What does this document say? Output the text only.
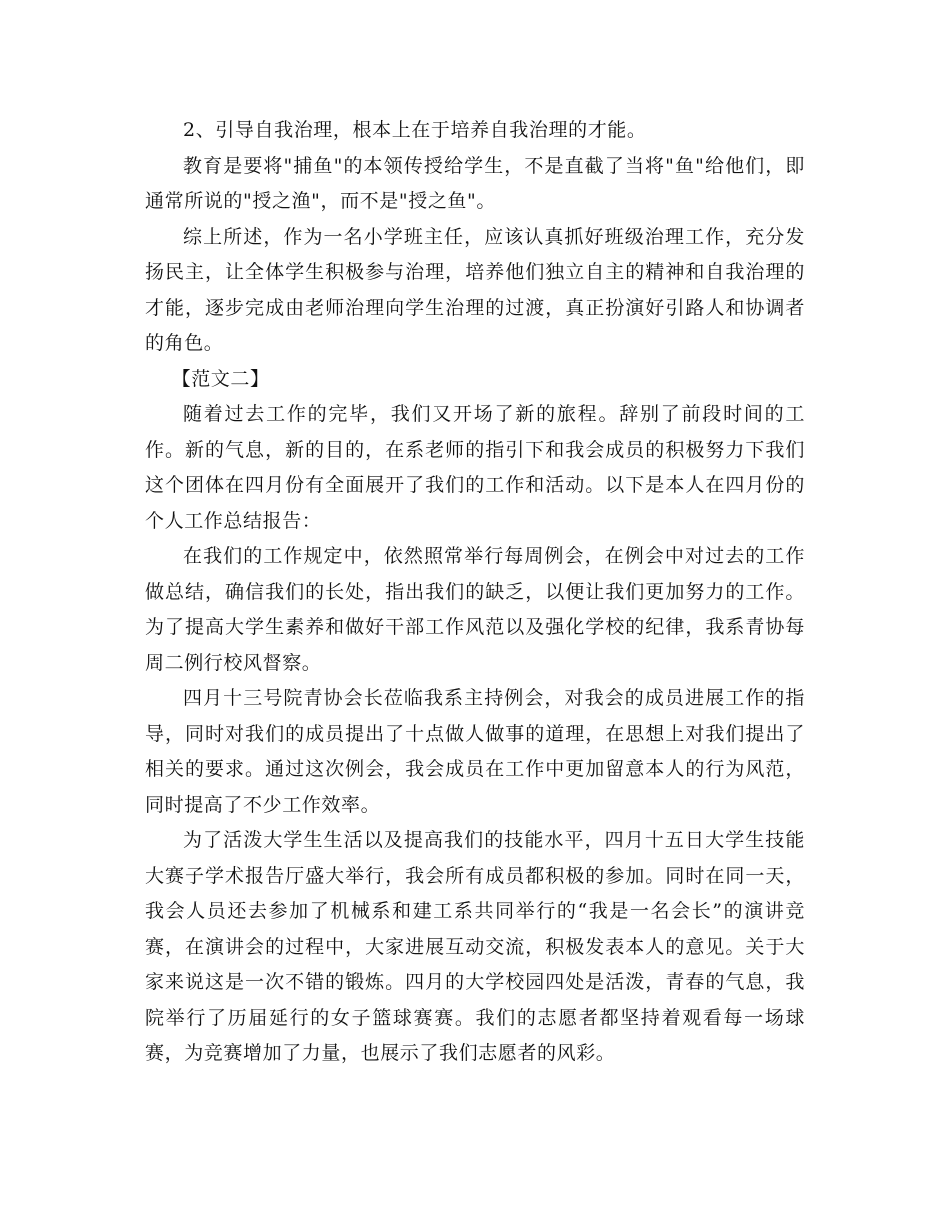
2、引导自我治理，根本上在于培养自我治理的才能。

教育是要将"捕鱼"的本领传授给学生，不是直截了当将"鱼"给他们，即通常所说的"授之渔"，而不是"授之鱼"。

综上所述，作为一名小学班主任，应该认真抓好班级治理工作，充分发扬民主，让全体学生积极参与治理，培养他们独立自主的精神和自我治理的才能，逐步完成由老师治理向学生治理的过渡，真正扮演好引路人和协调者的角色。

【范文二】

随着过去工作的完毕，我们又开场了新的旅程。辞别了前段时间的工作。新的气息，新的目的，在系老师的指引下和我会成员的积极努力下我们这个团体在四月份有全面展开了我们的工作和活动。以下是本人在四月份的个人工作总结报告：

在我们的工作规定中，依然照常举行每周例会，在例会中对过去的工作做总结，确信我们的长处，指出我们的缺乏，以便让我们更加努力的工作。为了提高大学生素养和做好干部工作风范以及强化学校的纪律，我系青协每周二例行校风督察。

四月十三号院青协会长莅临我系主持例会，对我会的成员进展工作的指导，同时对我们的成员提出了十点做人做事的道理，在思想上对我们提出了相关的要求。通过这次例会，我会成员在工作中更加留意本人的行为风范，同时提高了不少工作效率。

为了活泼大学生生活以及提高我们的技能水平，四月十五日大学生技能大赛子学术报告厅盛大举行，我会所有成员都积极的参加。同时在同一天，我会人员还去参加了机械系和建工系共同举行的“我是一名会长”的演讲竞赛，在演讲会的过程中，大家进展互动交流，积极发表本人的意见。关于大家来说这是一次不错的锻炼。四月的大学校园四处是活泼，青春的气息，我院举行了历届延行的女子篮球赛赛。我们的志愿者都坚持着观看每一场球赛，为竞赛增加了力量，也展示了我们志愿者的风彩。
